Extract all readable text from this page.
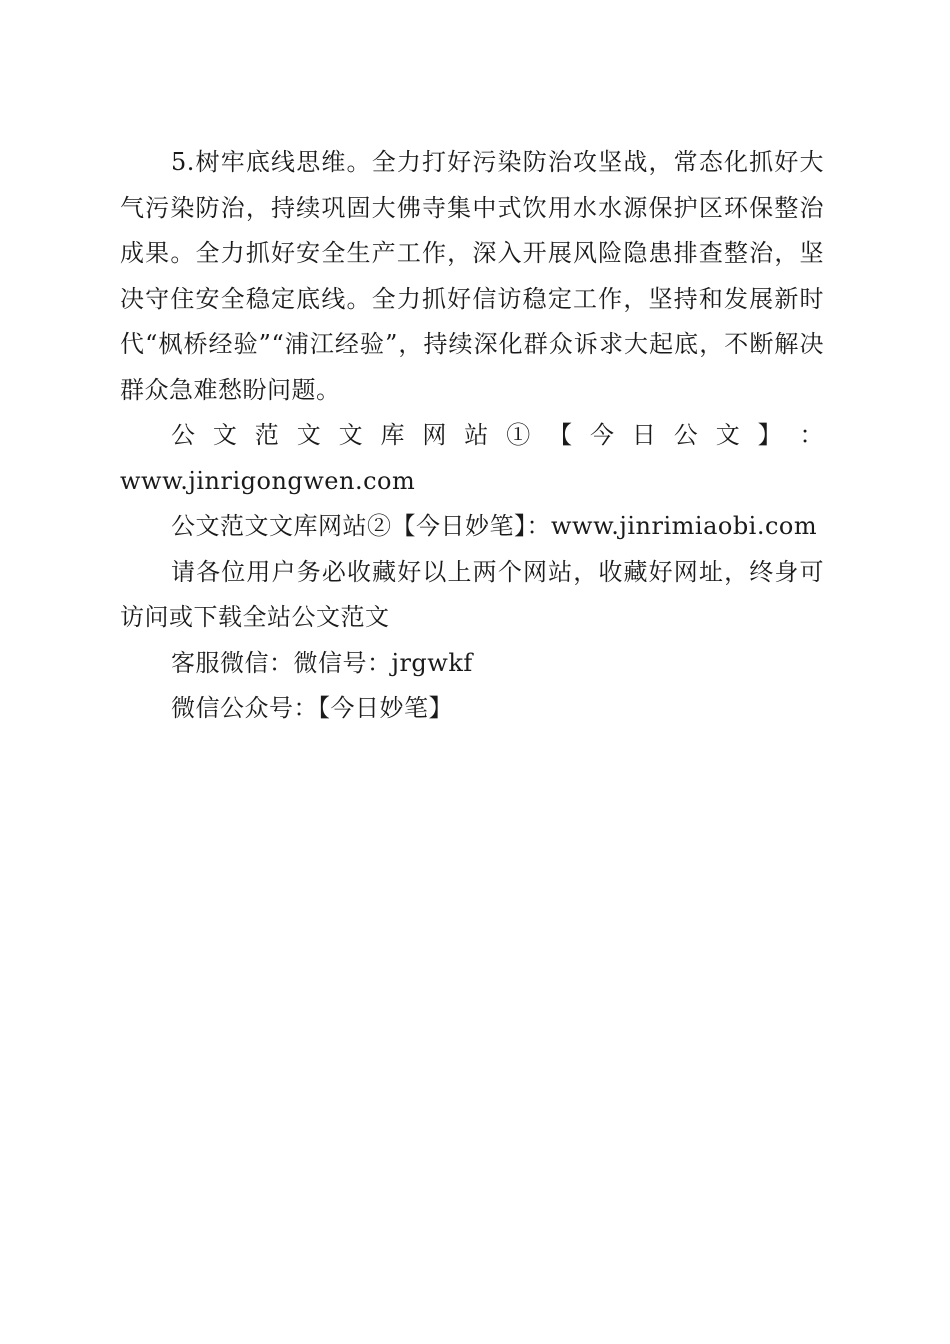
5.树牢底线思维。全力打好污染防治攻坚战，常态化抓好大气污染防治，持续巩固大佛寺集中式饮用水水源保护区环保整治成果。全力抓好安全生产工作，深入开展风险隐患排查整治，坚决守住安全稳定底线。全力抓好信访稳定工作，坚持和发展新时代“枫桥经验”“浦江经验”，持续深化群众诉求大起底，不断解决群众急难愁盼问题。

公 文 范 文 文 库 网 站 ① 【 今 日 公 文 】 ：
www.jinrigongwen.com

公文范文文库网站②【今日妙笔】：www.jinrimiaobi.com

请各位用户务必收藏好以上两个网站，收藏好网址，终身可访问或下载全站公文范文

客服微信：微信号：jrgwkf

微信公众号：【今日妙笔】
